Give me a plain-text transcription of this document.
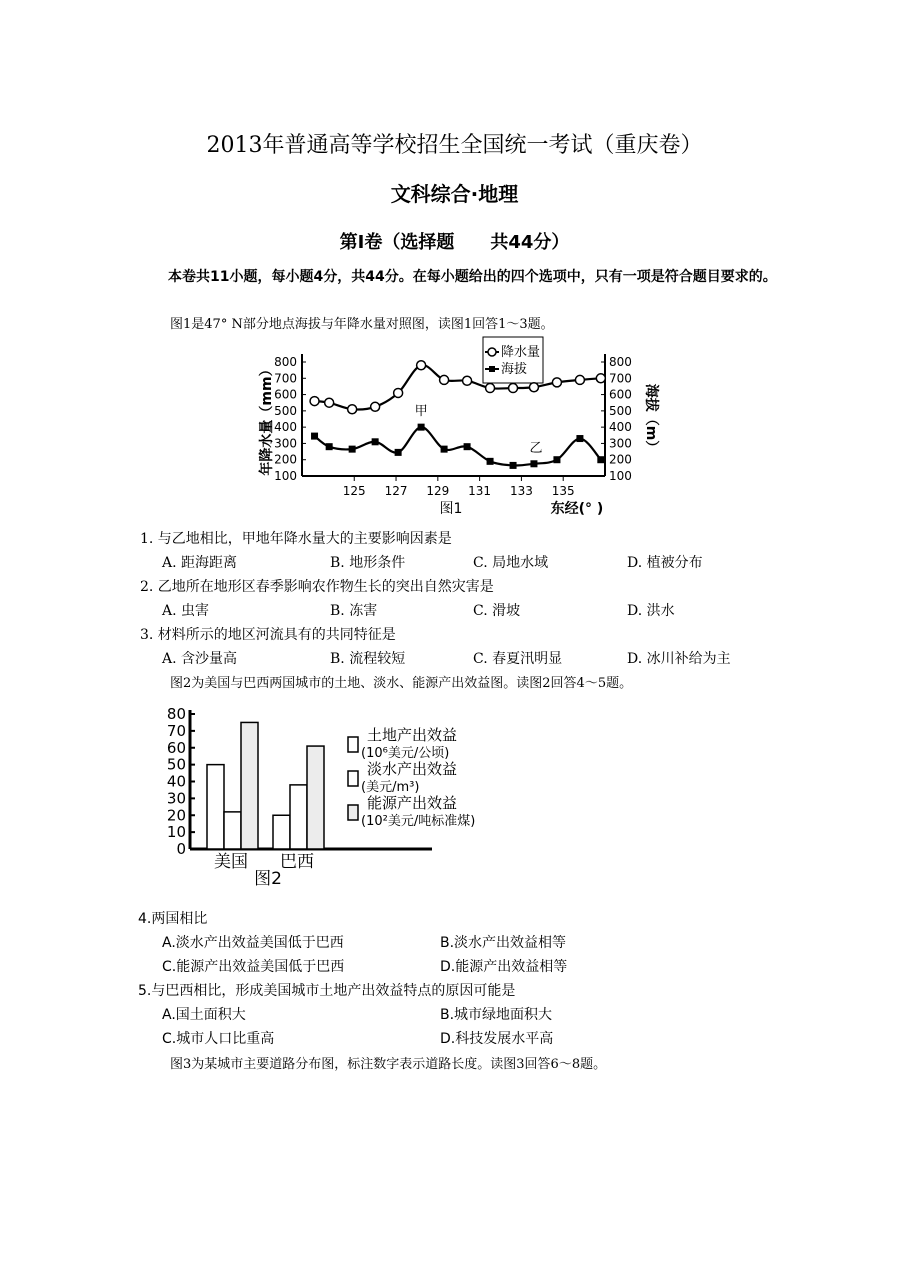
2013年普通高等学校招生全国统一考试（重庆卷）
文科综合·地理
第Ⅰ卷（选择题　　共44分）
本卷共11小题，每小题4分，共44分。在每小题给出的四个选项中，只有一项是符合题目要求的。
图1是47° N部分地点海拔与年降水量对照图，读图1回答1～3题。
100	100
200	200
300	300
400	400
500	500
600	600
700	700
800	800
125 127 129 131 133 135
年降水量（mm）	海拔（m）
图1	东经(° )
降水量
海拔
甲
乙
1. 与乙地相比，甲地年降水量大的主要影响因素是
A. 距海距离	B. 地形条件	C. 局地水域	D. 植被分布
2. 乙地所在地形区春季影响农作物生长的突出自然灾害是
A. 虫害	B. 冻害	C. 滑坡	D. 洪水
3. 材料所示的地区河流具有的共同特征是
A. 含沙量高	B. 流程较短	C. 春夏汛明显	D. 冰川补给为主
图2为美国与巴西两国城市的土地、淡水、能源产出效益图。读图2回答4～5题。
0
10
20
30
40
50
60
70
80
美国 巴西
图2
土地产出效益
(10⁶美元/公顷)
淡水产出效益
(美元/m³)
能源产出效益
(10²美元/吨标准煤)
4.两国相比
A.淡水产出效益美国低于巴西	B.淡水产出效益相等
C.能源产出效益美国低于巴西	D.能源产出效益相等
5.与巴西相比，形成美国城市土地产出效益特点的原因可能是
A.国土面积大	B.城市绿地面积大
C.城市人口比重高	D.科技发展水平高
图3为某城市主要道路分布图，标注数字表示道路长度。读图3回答6～8题。
